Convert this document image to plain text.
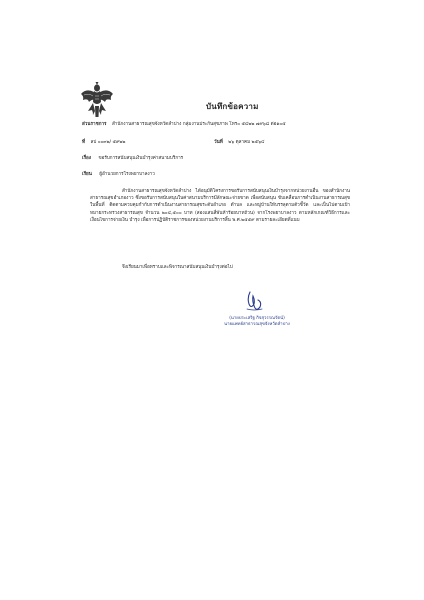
บันทึกข้อความ
ส่วนราชการ สำนักงานสาธารณสุขจังหวัดลำปาง กลุ่มงานประกันสุขภาพ โทร๐ ๕๔๒๒ ๗๙๖๘ ต่อ๑๐๕
ที่ ลป ๐๐๓๒/ ๕๙๒๒	วันที่ ๒๖ ตุลาคม ๒๕๖๔
เรื่อง ขอรับการสนับสนุนเงินบำรุงค่าสนามบริการ
เรียน ผู้อำนวยการโรงพยาบาลงาว
สำนักงานสาธารณสุขจังหวัดลำปาง ได้อนุมัติโครงการขอรับการสนับสนุนเงินบำรุงจากหน่วยงานอื่น ของสำนักงานสาธารณสุขอำเภองาว ซึ่งขอรับการสนับสนุนในค่าสนามบริการมีลักษณะจ่ายขาด เพื่อสนับสนุน ขับเคลื่อนการดำเนินงานสาธารณสุขในพื้นที่ ติดตามควบคุมกำกับการดำเนินงานสาธารณสุขระดับอำเภอ ตำบล และหมู่บ้านให้บรรลุตามตัวชี้วัด และเป็นไปตามเป้าหมายกระทรวงสาธารณสุข จำนวน ๒๐๔,๕๐๐ บาท (สองแสนสี่พันห้าร้อยบาทถ้วน) จากโรงพยาบาลงาว ตามหลักเกณฑ์วิธีการและเงื่อนไขการจ่ายเงิน บำรุง เพื่อการปฏิบัติราชการของหน่วยงานบริการสิ้น พ.ศ.๒๕๕๙ ตามรายละเอียดที่แนบ
จึงเรียนมาเพื่อทราบและพิจารณาสนับสนุนเงินบำรุงต่อไป
(นายประเสริฐ กิจสุวรรณรัตน์)
นายแพทย์สาธารณสุขจังหวัดลำปาง
